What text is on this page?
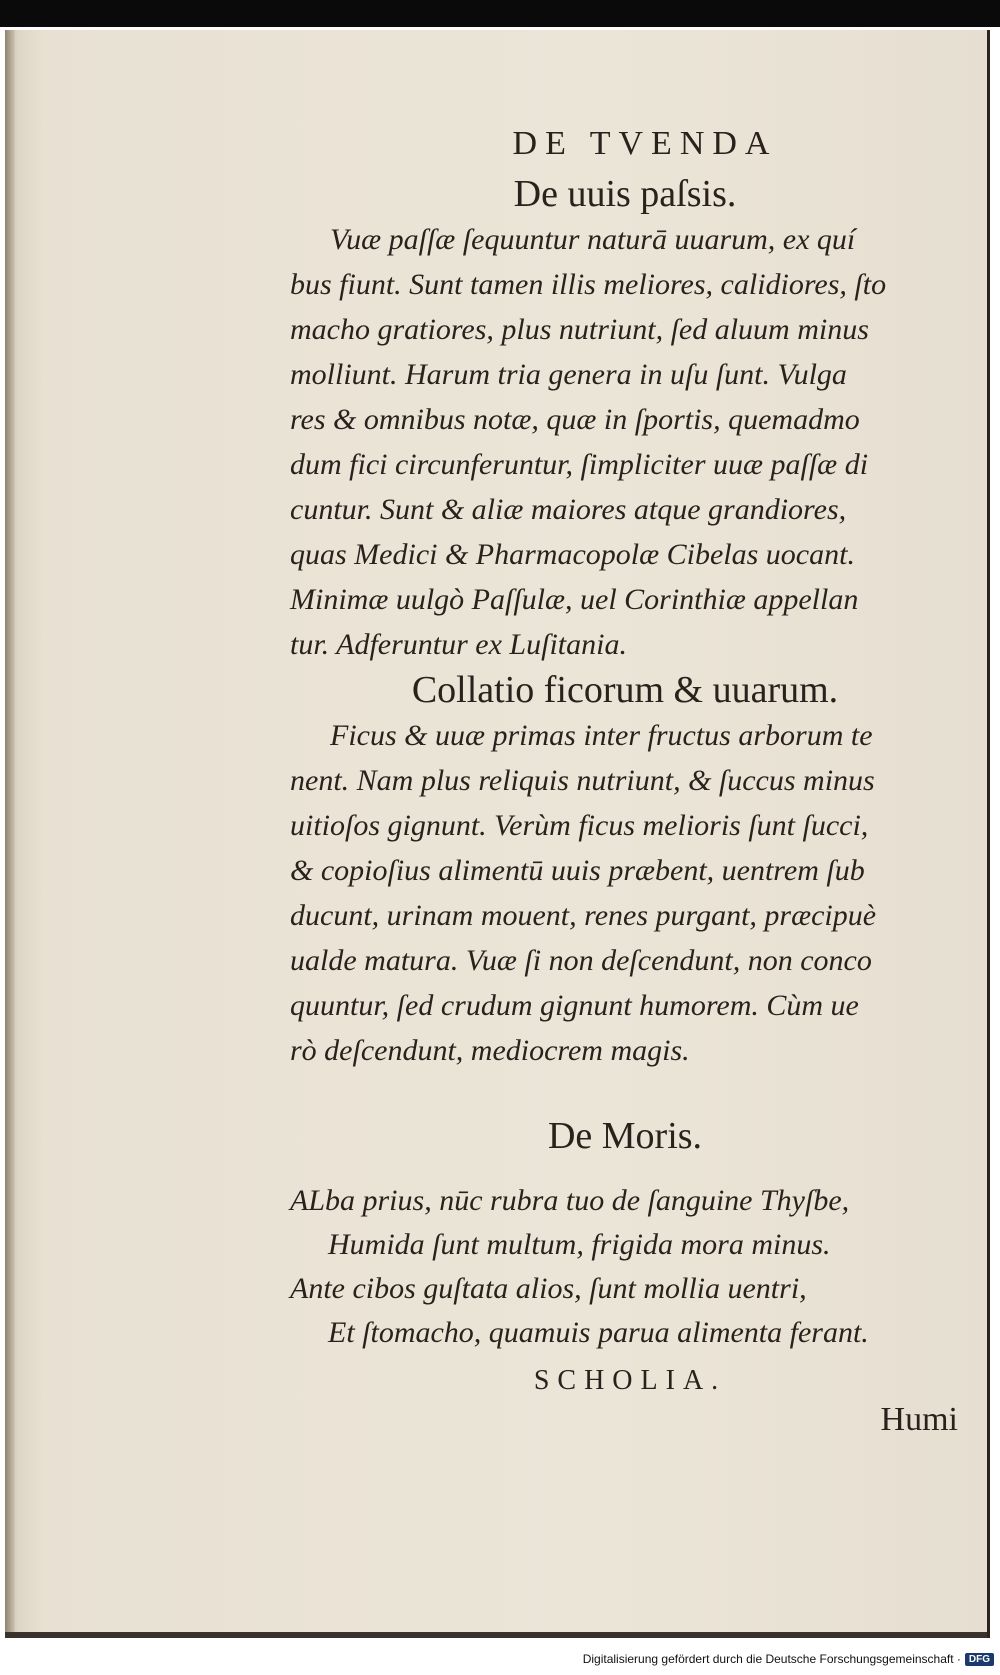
DE TVENDA
De uuis paſsis.
Vuæ paſſæ ſequuntur naturā uuarum, ex quí
bus fiunt. Sunt tamen illis meliores, calidiores, ſto
macho gratiores, plus nutriunt, ſed aluum minus
molliunt. Harum tria genera in uſu ſunt. Vulga
res & omnibus notæ, quæ in ſportis, quemadmo
dum fici circunferuntur, ſimpliciter uuæ paſſæ di
cuntur. Sunt & aliæ maiores atque grandiores,
quas Medici & Pharmacopolæ Cibelas uocant.
Minimæ uulgò Paſſulæ, uel Corinthiæ appellan
tur. Adferuntur ex Luſitania.
Collatio ficorum & uuarum.
Ficus & uuæ primas inter fructus arborum te
nent. Nam plus reliquis nutriunt, & ſuccus minus
uitioſos gignunt. Verùm ficus melioris ſunt ſucci,
& copioſius alimentū uuis præbent, uentrem ſub
ducunt, urinam mouent, renes purgant, præcipuè
ualde matura. Vuæ ſi non deſcendunt, non conco
quuntur, ſed crudum gignunt humorem. Cùm ue
rò deſcendunt, mediocrem magis.
De Moris.
ALba prius, nūc rubra tuo de ſanguine Thyſbe,
Humida ſunt multum, frigida mora minus.
Ante cibos guſtata alios, ſunt mollia uentri,
Et ſtomacho, quamuis parua alimenta ferant.
SCHOLIA.
Humi
Digitalisierung gefördert durch die Deutsche Forschungsgemeinschaft · DFG
